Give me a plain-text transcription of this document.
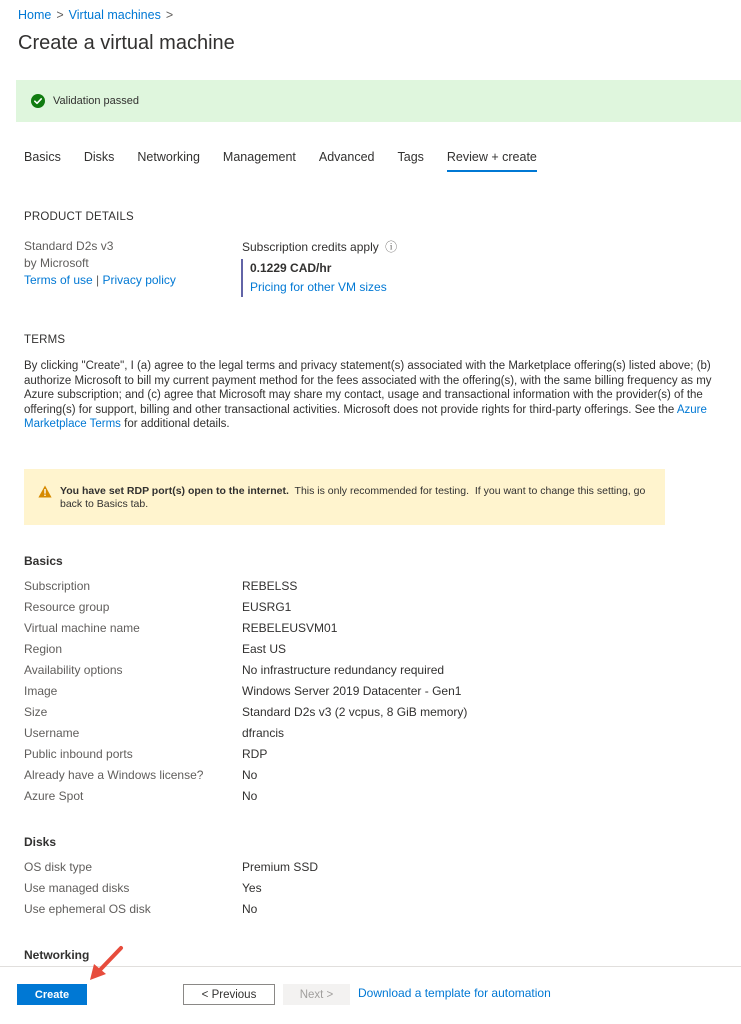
Home > Virtual machines >
Create a virtual machine
Validation passed
Basics Disks Networking Management Advanced Tags Review + create
PRODUCT DETAILS
Standard D2s v3
by Microsoft
Terms of use | Privacy policy
Subscription credits apply ⓘ
0.1229 CAD/hr
Pricing for other VM sizes
TERMS
By clicking "Create", I (a) agree to the legal terms and privacy statement(s) associated with the Marketplace offering(s) listed above; (b) authorize Microsoft to bill my current payment method for the fees associated with the offering(s), with the same billing frequency as my Azure subscription; and (c) agree that Microsoft may share my contact, usage and transactional information with the provider(s) of the offering(s) for support, billing and other transactional activities. Microsoft does not provide rights for third-party offerings. See the Azure Marketplace Terms for additional details.
You have set RDP port(s) open to the internet.  This is only recommended for testing.  If you want to change this setting, go back to Basics tab.
Basics
Subscription	REBELSS
Resource group	EUSRG1
Virtual machine name	REBELEUSVM01
Region	East US
Availability options	No infrastructure redundancy required
Image	Windows Server 2019 Datacenter - Gen1
Size	Standard D2s v3 (2 vcpus, 8 GiB memory)
Username	dfrancis
Public inbound ports	RDP
Already have a Windows license?	No
Azure Spot	No
Disks
OS disk type	Premium SSD
Use managed disks	Yes
Use ephemeral OS disk	No
Networking
Create	< Previous	Next >	Download a template for automation
